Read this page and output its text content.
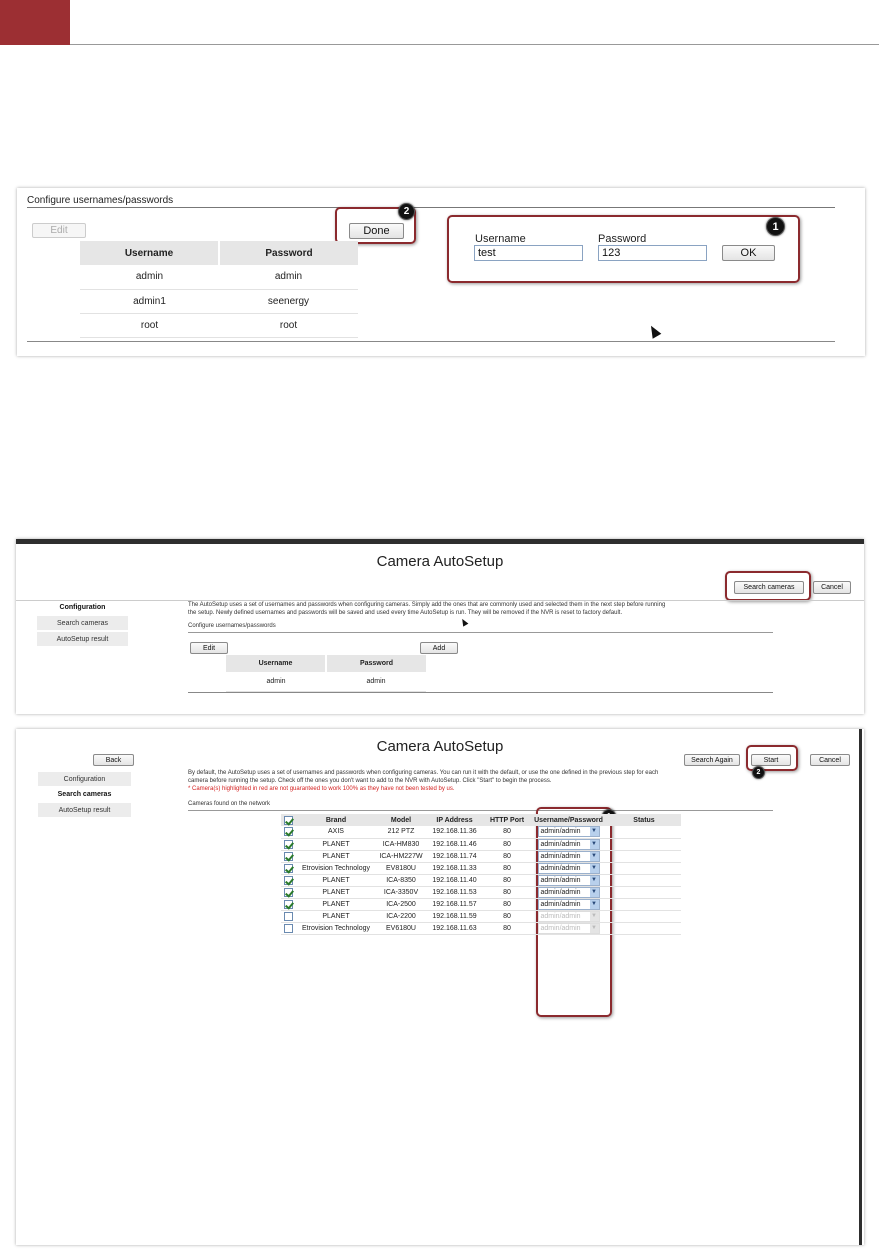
Configure usernames/passwords
Edit	Done
2
Username	Password
admin	admin
admin1	seenergy
root	root
1
Username	Password
test	123	OK
Camera AutoSetup
Search cameras	Cancel
Configuration
Search cameras
AutoSetup result
The AutoSetup uses a set of usernames and passwords when configuring cameras. Simply add the ones that are commonly used and selected them in the next step before running
the setup. Newly defined usernames and passwords will be saved and used every time AutoSetup is run. They will be removed if the NVR is reset to factory default.
Configure usernames/passwords
Edit	Add
Username	Password
admin	admin
Camera AutoSetup
Back	Search Again	Start
2
Cancel
Configuration
Search cameras
AutoSetup result
By default, the AutoSetup uses a set of usernames and passwords when configuring cameras. You can run it with the default, or use the one defined in the previous step for each
camera before running the setup. Check off the ones you don't want to add to the NVR with AutoSetup. Click "Start" to begin the process.
* Camera(s) highlighted in red are not guaranteed to work 100% as they have not been tested by us.
Cameras found on the network
	Brand	Model	IP Address	HTTP Port	Username/Password	Status
	AXIS	212 PTZ	192.168.11.36	80	admin/admin ▼	

	PLANET	ICA-HM830	192.168.11.46	80	admin/admin ▼	

	PLANET	ICA-HM227W	192.168.11.74	80	admin/admin ▼	

	Etrovision Technology	EV8180U	192.168.11.33	80	admin/admin ▼	

	PLANET	ICA-8350	192.168.11.40	80	admin/admin ▼	

	PLANET	ICA-3350V	192.168.11.53	80	admin/admin ▼	

	PLANET	ICA-2500	192.168.11.57	80	admin/admin ▼	

	PLANET	ICA-2200	192.168.11.59	80	admin/admin ▼	

	Etrovision Technology	EV6180U	192.168.11.63	80	admin/admin ▼	
